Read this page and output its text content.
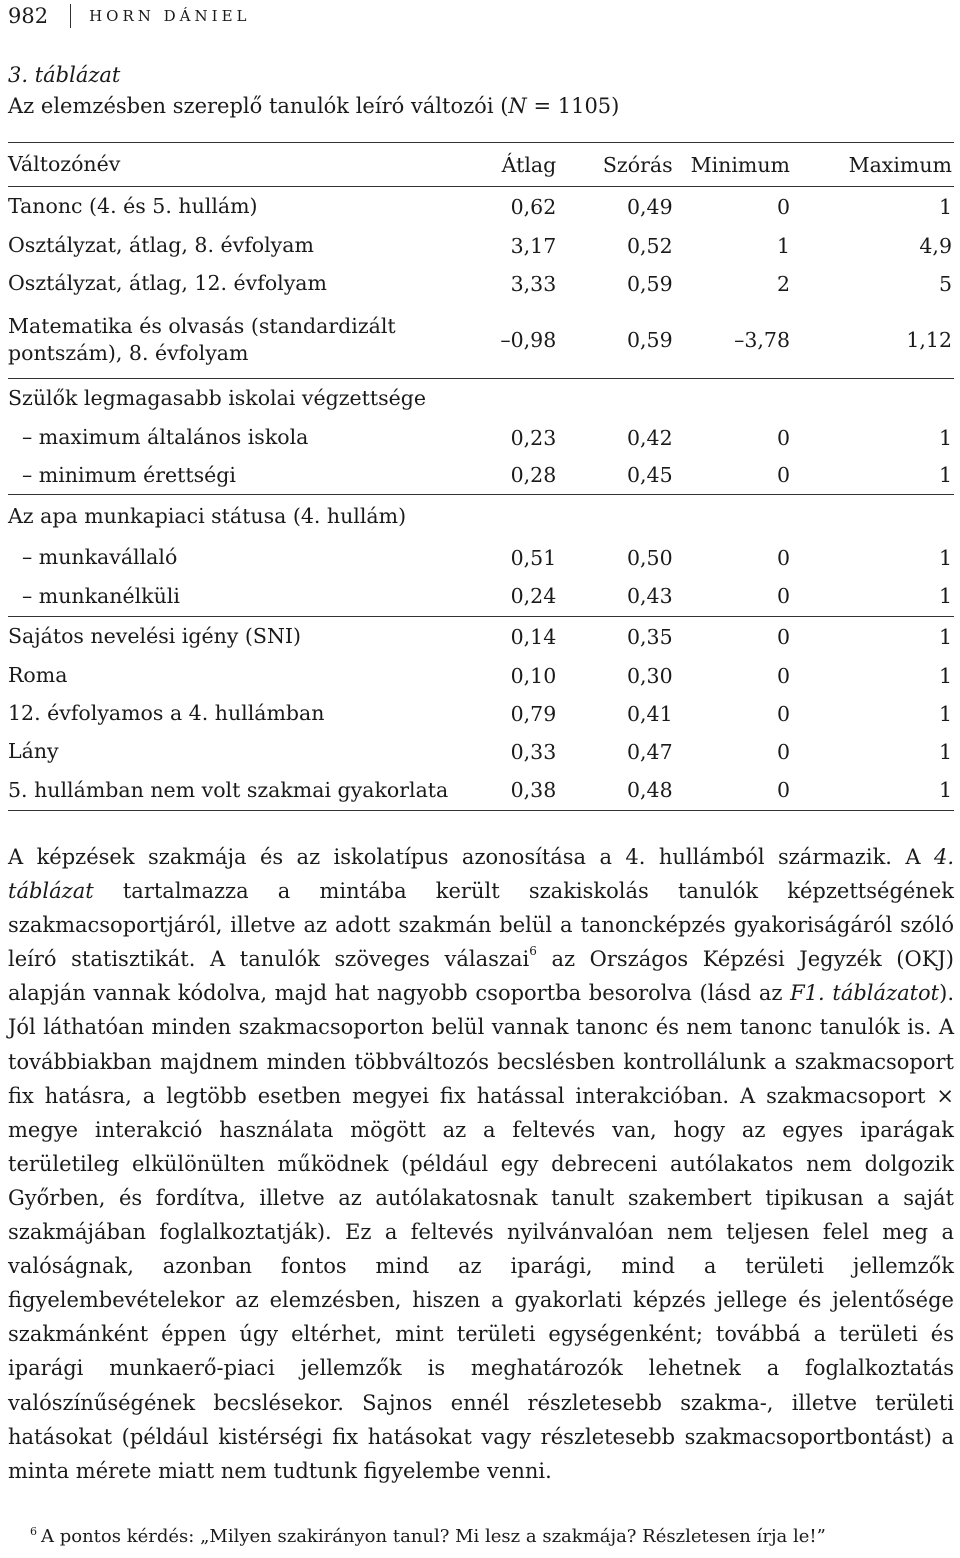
982	HORN DÁNIEL
3. táblázat
Az elemzésben szereplő tanulók leíró változói (N = 1105)
Változónév	Átlag	Szórás	Minimum	Maximum
Tanonc (4. és 5. hullám)	0,62	0,49	0	1
Osztályzat, átlag, 8. évfolyam	3,17	0,52	1	4,9
Osztályzat, átlag, 12. évfolyam	3,33	0,59	2	5

Matematika és olvasás (standardizált
pontszám), 8. évfolyam	–0,98	0,59	–3,78	1,12
Szülők legmagasabb iskolai végzettsége				
– maximum általános iskola	0,23	0,42	0	1
– minimum érettségi	0,28	0,45	0	1
Az apa munkapiaci státusa (4. hullám)				
– munkavállaló	0,51	0,50	0	1
– munkanélküli	0,24	0,43	0	1
Sajátos nevelési igény (SNI)	0,14	0,35	0	1
Roma	0,10	0,30	0	1
12. évfolyamos a 4. hullámban	0,79	0,41	0	1
Lány	0,33	0,47	0	1
5. hullámban nem volt szakmai gyakorlata	0,38	0,48	0	1
A képzések szakmája és az iskolatípus azonosítása a 4. hullámból származik. A 4. táblázat tartalmazza a mintába került szakiskolás tanulók képzettségének szakmacsoportjáról, illetve az adott szakmán belül a tanoncképzés gyakoriságáról szóló leíró statisztikát. A tanulók szöveges válaszai$^6$ az Országos Képzési Jegyzék (OKJ) alapján vannak kódolva, majd hat nagyobb csoportba besorolva (lásd az F1. táblázatot). Jól láthatóan minden szakmacsoporton belül vannak tanonc és nem tanonc tanulók is. A továbbiakban majdnem minden többváltozós becslésben kontrollálunk a szakmacsoport fix hatásra, a legtöbb esetben megyei fix hatással interakcióban. A szakmacsoport × megye interakció használata mögött az a feltevés van, hogy az egyes iparágak területileg elkülönülten működnek (például egy debreceni autólakatos nem dolgozik Győrben, és fordítva, illetve az autólakatosnak tanult szakembert tipikusan a saját szakmájában foglalkoztatják). Ez a feltevés nyilvánvalóan nem teljesen felel meg a valóságnak, azonban fontos mind az iparági, mind a területi jellemzők figyelembevételekor az elemzésben, hiszen a gyakorlati képzés jellege és jelentősége szakmánként éppen úgy eltérhet, mint területi egységenként; továbbá a területi és iparági munkaerő-piaci jellemzők is meghatározók lehetnek a foglalkoztatás valószínűségének becslésekor. Sajnos ennél részletesebb szakma-, illetve területi hatásokat (például kistérségi fix hatásokat vagy részletesebb szakmacsoportbontást) a minta mérete miatt nem tudtunk figyelembe venni.
$^6$ A pontos kérdés: „Milyen szakirányon tanul? Mi lesz a szakmája? Részletesen írja le!”
